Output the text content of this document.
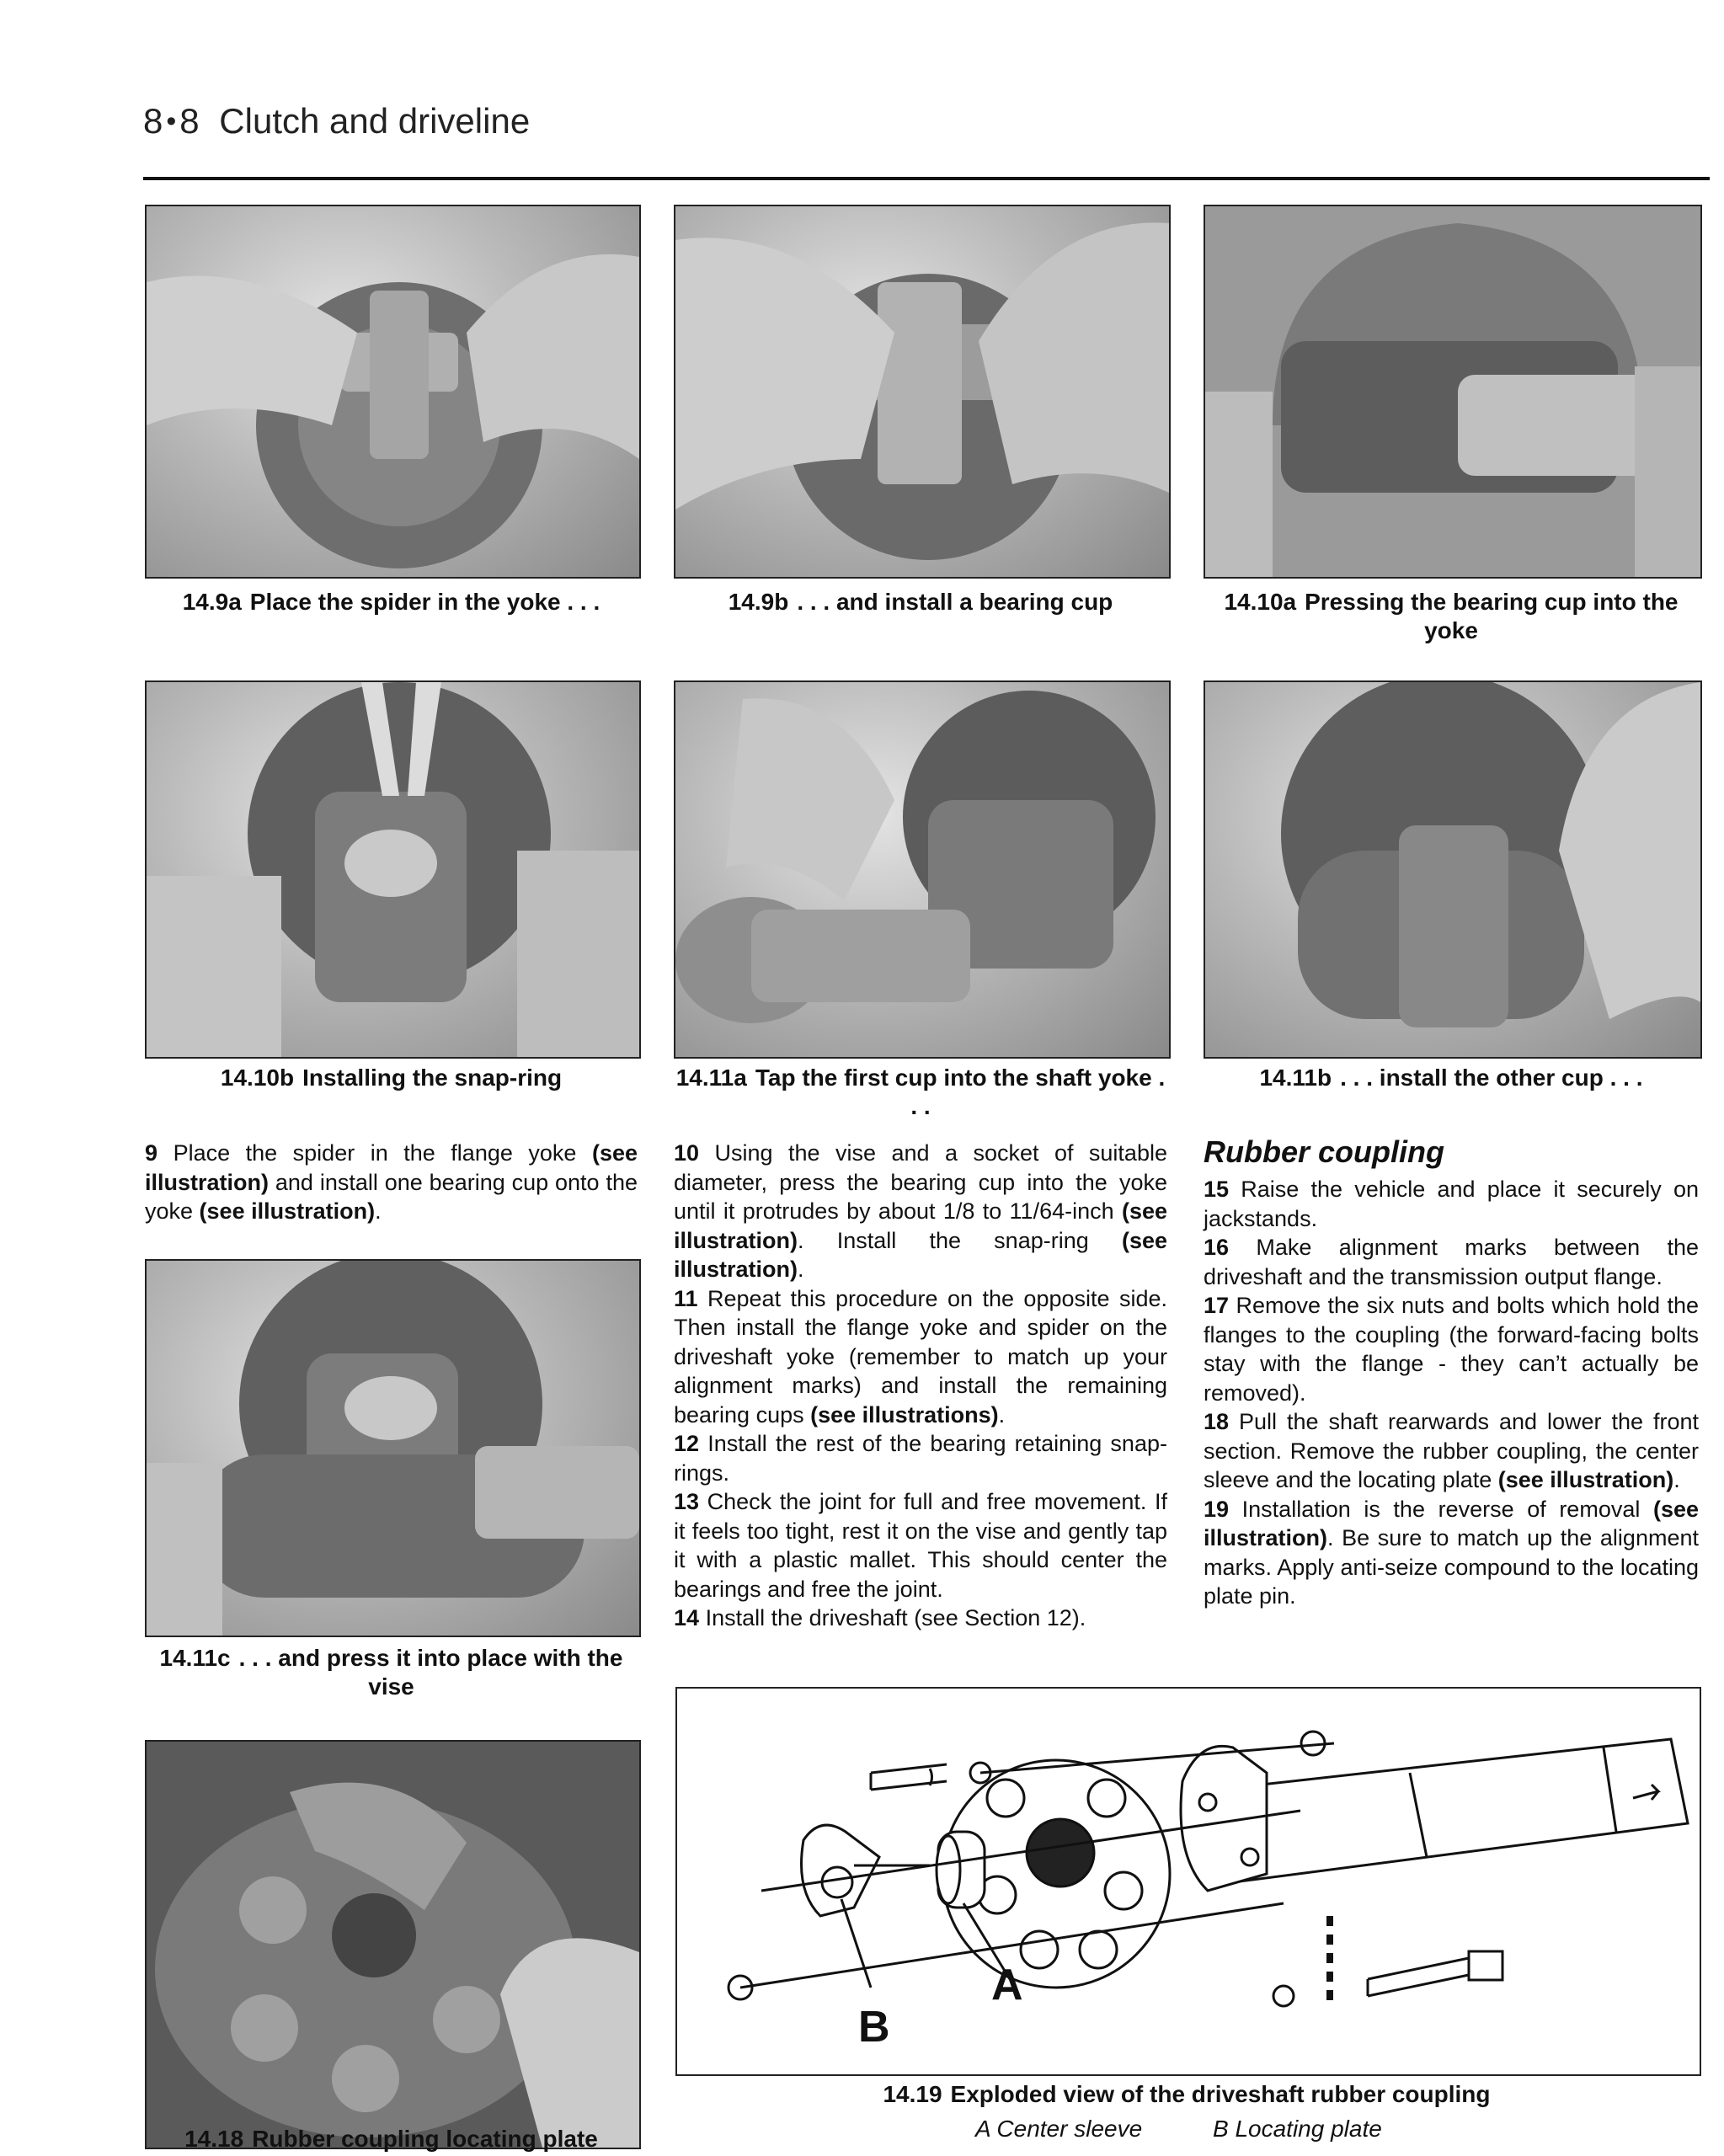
8 •8 Clutch and driveline
14.9a Place the spider in the yoke . . .	14.9b . . . and install a bearing cup	14.10a Pressing the bearing cup into the yoke
14.10b Installing the snap-ring	14.11a Tap the first cup into the shaft yoke . . .
14.11b . . . install the other cup . . .

9 Place the spider in the flange yoke (see illustration) and install one bearing cup onto the yoke (see illustration).

14.11c . . . and press it into place with the vise
14.18 Rubber coupling locating plate

10 Using the vise and a socket of suitable diameter, press the bearing cup into the yoke until it protrudes by about 1/8 to 11/64-inch (see illustration). Install the snap-ring (see illustration).

11 Repeat this procedure on the opposite side. Then install the flange yoke and spider on the driveshaft yoke (remember to match up your alignment marks) and install the remaining bearing cups (see illustrations).

12 Install the rest of the bearing retaining snap-rings.

13 Check the joint for full and free movement. If it feels too tight, rest it on the vise and gently tap it with a plastic mallet. This should center the bearings and free the joint.

14 Install the driveshaft (see Section 12).

Rubber coupling

15 Raise the vehicle and place it securely on jackstands.

16 Make alignment marks between the driveshaft and the transmission output flange.

17 Remove the six nuts and bolts which hold the flanges to the coupling (the forward-facing bolts stay with the flange - they can’t actually be removed).

18 Pull the shaft rearwards and lower the front section. Remove the rubber coupling, the center sleeve and the locating plate (see illustration).

19 Installation is the reverse of removal (see illustration). Be sure to match up the alignment marks. Apply anti-seize compound to the locating plate pin.

A
B
14.19 Exploded view of the driveshaft rubber coupling
A Center sleeve	B Locating plate
